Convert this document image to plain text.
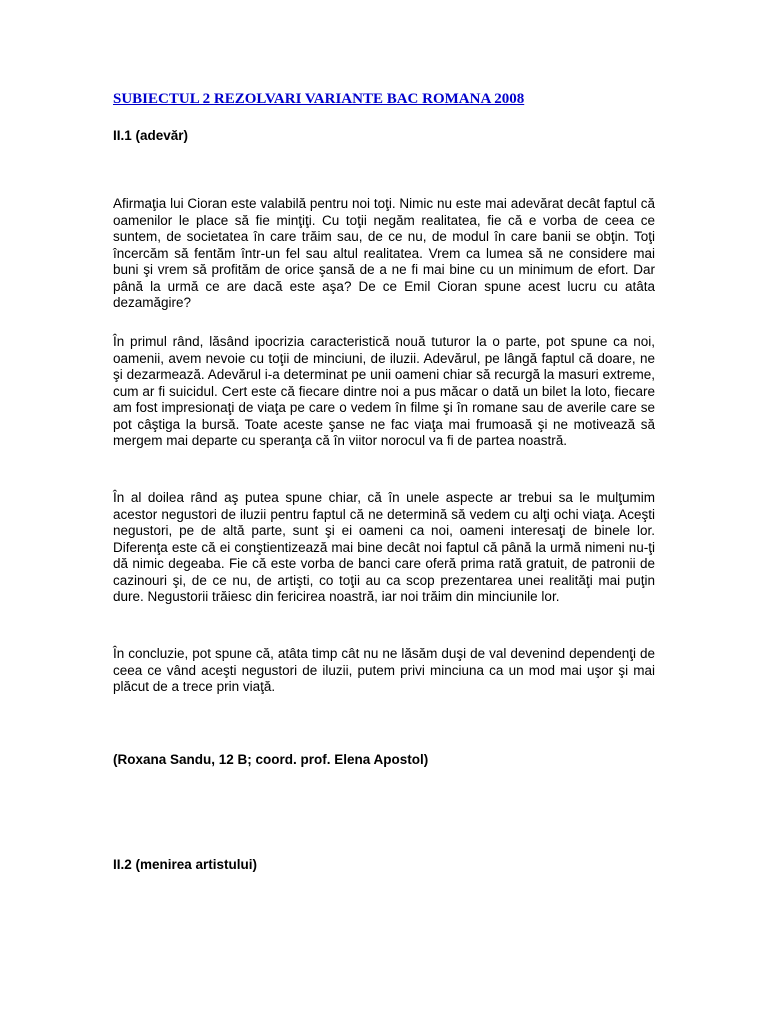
SUBIECTUL 2 REZOLVARI VARIANTE BAC ROMANA 2008
II.1 (adevăr)

Afirmaţia lui Cioran este valabilă pentru noi toţi. Nimic nu este mai adevărat decât faptul că oamenilor le place să fie minţiţi. Cu toţii negăm realitatea, fie că e vorba de ceea ce suntem, de societatea în care trăim sau, de ce nu, de modul în care banii se obţin. Toţi încercăm să fentăm într-un fel sau altul realitatea. Vrem ca lumea să ne considere mai buni şi vrem să profităm de orice şansă de a ne fi mai bine cu un minimum de efort. Dar până la urmă ce are dacă este aşa? De ce Emil Cioran spune acest lucru cu atâta dezamăgire?

În primul rând, lăsând ipocrizia caracteristică nouă tuturor la o parte, pot spune ca noi, oamenii, avem nevoie cu toţii de minciuni, de iluzii. Adevărul, pe lângă faptul că doare, ne şi dezarmează. Adevărul i-a determinat pe unii oameni chiar să recurgă la masuri extreme, cum ar fi suicidul. Cert este că fiecare dintre noi a pus măcar o dată un bilet la loto, fiecare am fost impresionaţi de viaţa pe care o vedem în filme şi în romane sau de averile care se pot câştiga la bursă. Toate aceste şanse ne fac viaţa mai frumoasă şi ne motivează să mergem mai departe cu speranţa că în viitor norocul va fi de partea noastră.

În al doilea rând aş putea spune chiar, că în unele aspecte ar trebui sa le mulţumim acestor negustori de iluzii pentru faptul că ne determină să vedem cu alţi ochi viaţa. Aceşti negustori, pe de altă parte, sunt şi ei oameni ca noi, oameni interesaţi de binele lor. Diferenţa este că ei conştientizează mai bine decât noi faptul că până la urmă nimeni nu-ţi dă nimic degeaba. Fie că este vorba de banci care oferă prima rată gratuit, de patronii de cazinouri şi, de ce nu, de artişti, co toţii au ca scop prezentarea unei realităţi mai puţin dure. Negustorii trăiesc din fericirea noastră, iar noi trăim din minciunile lor.

În concluzie, pot spune că, atâta timp cât nu ne lăsăm duşi de val devenind dependenţi de ceea ce vând aceşti negustori de iluzii, putem privi minciuna ca un mod mai uşor şi mai plăcut de a trece prin viaţă.

(Roxana Sandu, 12 B; coord. prof. Elena Apostol)
II.2 (menirea artistului)
